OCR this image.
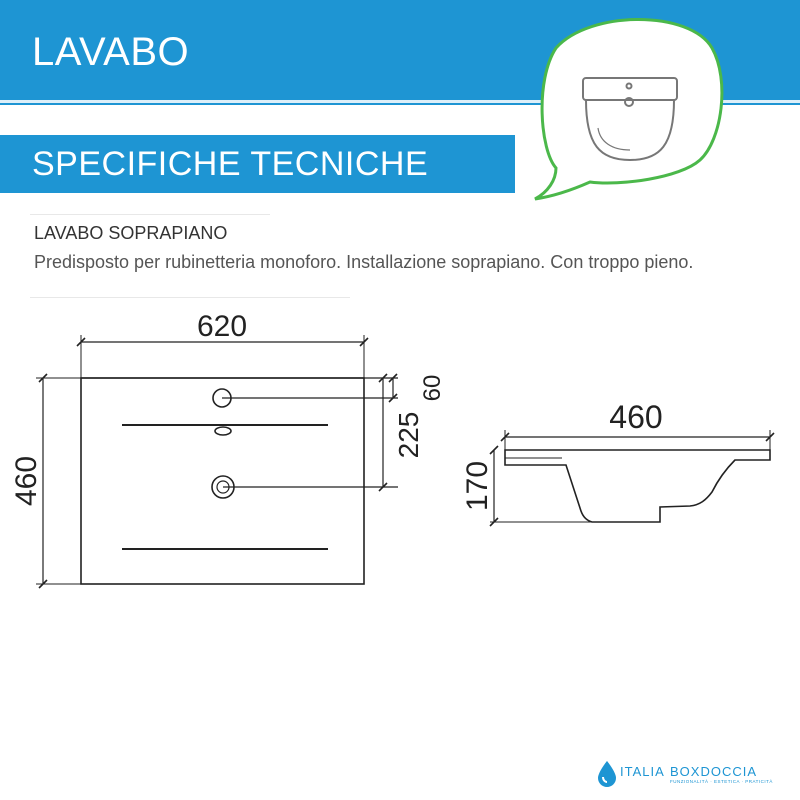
LAVABO
SPECIFICHE TECNICHE
LAVABO SOPRAPIANO
Predisposto per rubinetteria monoforo. Installazione soprapiano. Con troppo pieno.
620
460
60
225	460
170
ITALIA BOXDOCCIA
FUNZIONALITÀ · ESTETICA · PRATICITÀ
